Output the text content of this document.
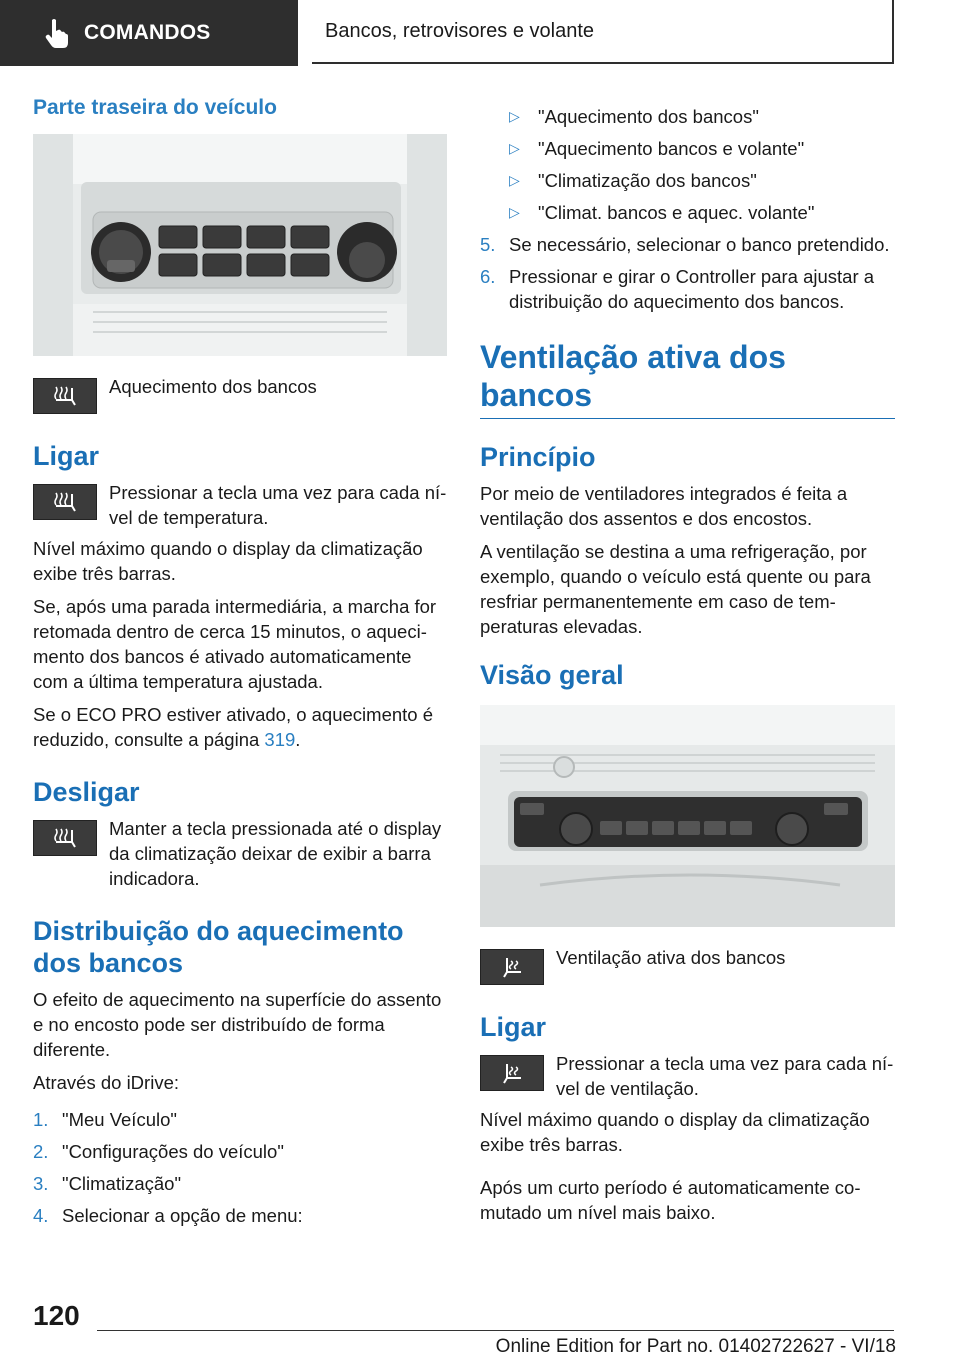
COMANDOS	Bancos, retrovisores e volante
Parte traseira do veículo

Aquecimento dos bancos

Ligar

Pressionar a tecla uma vez para cada nível de temperatura.

Nível máximo quando o display da climatização exibe três barras.

Se, após uma parada intermediária, a marcha for retomada dentro de cerca 15 minutos, o aquecimento dos bancos é ativado automaticamente com a última temperatura ajustada.

Se o ECO PRO estiver ativado, o aquecimento é reduzido, consulte a página 319.

Desligar

Manter a tecla pressionada até o display da climatização deixar de exibir a barra indicadora.

Distribuição do aquecimento dos bancos

O efeito de aquecimento na superfície do assento e no encosto pode ser distribuído de forma diferente.

Através do iDrive:

1. "Meu Veículo"
2. "Configurações do veículo"
3. "Climatização"
4. Selecionar a opção de menu:
▷ "Aquecimento dos bancos"
▷ "Aquecimento bancos e volante"
▷ "Climatização dos bancos"
▷ "Climat. bancos e aquec. volante"
5. Se necessário, selecionar o banco pretendido.
6. Pressionar e girar o Controller para ajustar a distribuição do aquecimento dos bancos.
Ventilação ativa dos bancos
Princípio

Por meio de ventiladores integrados é feita a ventilação dos assentos e dos encostos.

A ventilação se destina a uma refrigeração, por exemplo, quando o veículo está quente ou para resfriar permanentemente em caso de temperaturas elevadas.

Visão geral

Ventilação ativa dos bancos

Ligar

Pressionar a tecla uma vez para cada nível de ventilação.

Nível máximo quando o display da climatização exibe três barras.

Após um curto período é automaticamente comutado um nível mais baixo.

120
Online Edition for Part no. 01402722627 - VI/18
